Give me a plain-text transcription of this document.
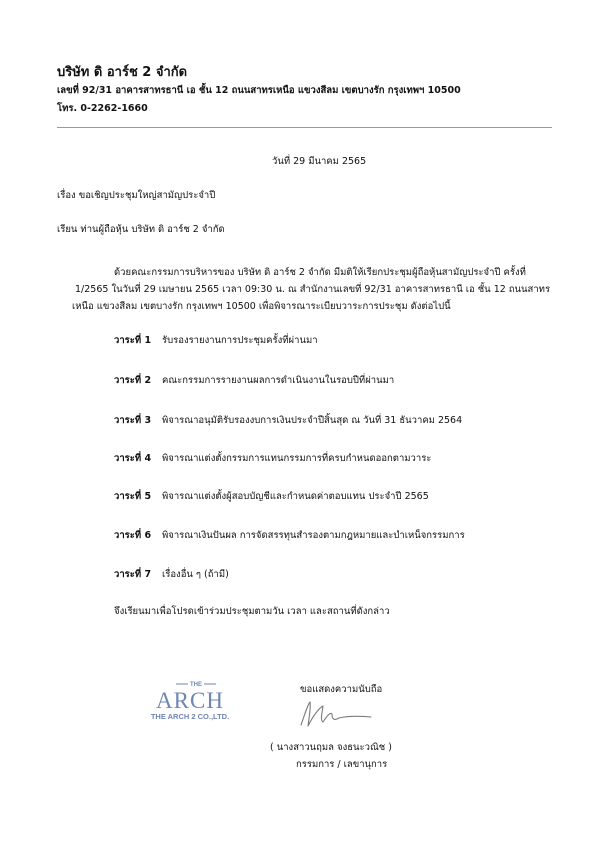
บริษัท ดิ อาร์ช 2 จำกัด
เลขที่ 92/31 อาคารสาทรธานี เอ ชั้น 12 ถนนสาทรเหนือ แขวงสีลม เขตบางรัก กรุงเทพฯ 10500
โทร. 0-2262-1660
วันที่ 29 มีนาคม 2565
เรื่อง ขอเชิญประชุมใหญ่สามัญประจำปี
เรียน ท่านผู้ถือหุ้น บริษัท ดิ อาร์ช 2 จำกัด
ด้วยคณะกรรมการบริหารของ บริษัท ดิ อาร์ช 2 จำกัด มีมติให้เรียกประชุมผู้ถือหุ้นสามัญประจำปี ครั้งที่
1/2565 ในวันที่ 29 เมษายน 2565 เวลา 09:30 น. ณ สำนักงานเลขที่ 92/31 อาคารสาทรธานี เอ ชั้น 12 ถนนสาทร
เหนือ แขวงสีลม เขตบางรัก กรุงเทพฯ 10500 เพื่อพิจารณาระเบียบวาระการประชุม ดังต่อไปนี้
วาระที่ 1 รับรองรายงานการประชุมครั้งที่ผ่านมา
วาระที่ 2 คณะกรรมการรายงานผลการดำเนินงานในรอบปีที่ผ่านมา
วาระที่ 3 พิจารณาอนุมัติรับรองงบการเงินประจำปีสิ้นสุด ณ วันที่ 31 ธันวาคม 2564
วาระที่ 4 พิจารณาแต่งตั้งกรรมการแทนกรรมการที่ครบกำหนดออกตามวาระ
วาระที่ 5 พิจารณาแต่งตั้งผู้สอบบัญชีและกำหนดค่าตอบแทน ประจำปี 2565
วาระที่ 6 พิจารณาเงินปันผล การจัดสรรทุนสำรองตามกฎหมายและบำเหน็จกรรมการ
วาระที่ 7 เรื่องอื่น ๆ (ถ้ามี)
จึงเรียนมาเพื่อโปรดเข้าร่วมประชุมตามวัน เวลา และสถานที่ดังกล่าว
THE
ARCH
THE ARCH 2 CO.,LTD.
ขอแสดงความนับถือ
( นางสาวนฤมล จงธนะวณิช )
กรรมการ / เลขานุการ
